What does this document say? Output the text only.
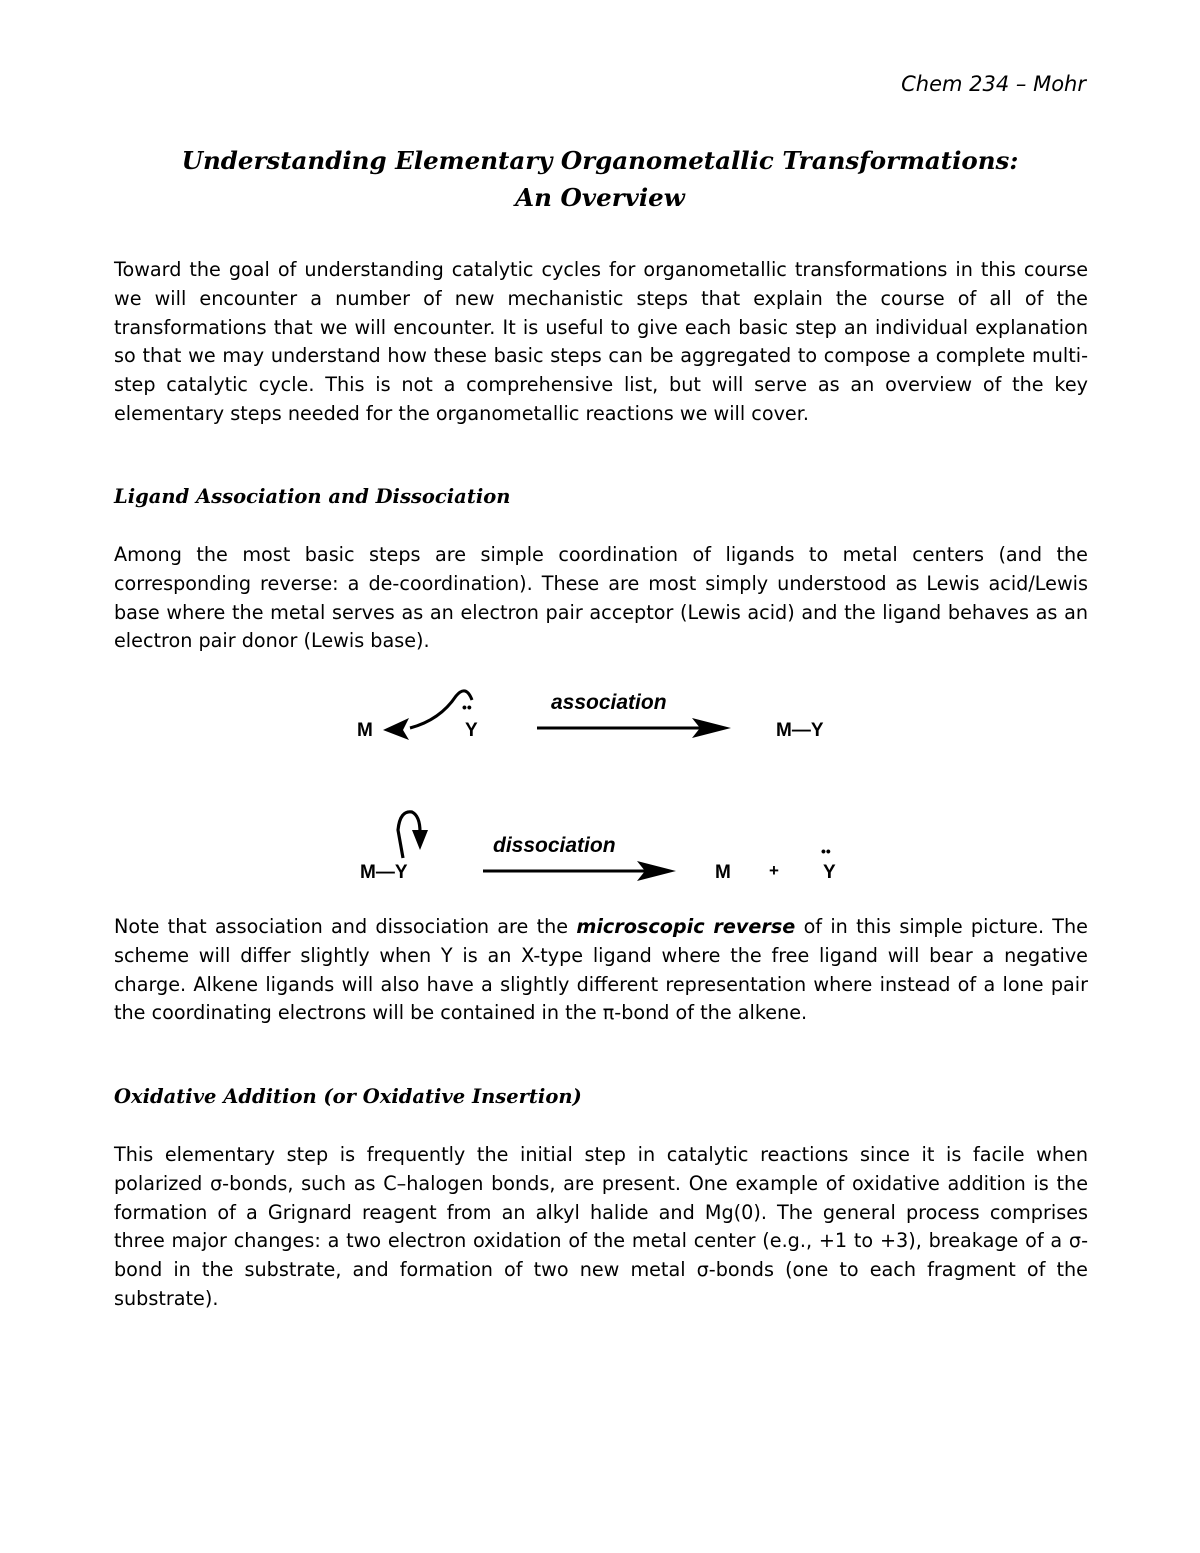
Chem 234 – Mohr
Understanding Elementary Organometallic Transformations:
An Overview

Toward the goal of understanding catalytic cycles for organometallic transformations in this course we will encounter a number of new mechanistic steps that explain the course of all of the transformations that we will encounter. It is useful to give each basic step an individual explanation so that we may understand how these basic steps can be aggregated to compose a complete multi-step catalytic cycle. This is not a comprehensive list, but will serve as an overview of the key elementary steps needed for the organometallic reactions we will cover.

Ligand Association and Dissociation

Among the most basic steps are simple coordination of ligands to metal centers (and the corresponding reverse: a de-coordination). These are most simply understood as Lewis acid/Lewis base where the metal serves as an electron pair acceptor (Lewis acid) and the ligand behaves as an electron pair donor (Lewis base).

M
••
Y
association
M—Y
M—Y
dissociation
M +
••
Y

Note that association and dissociation are the microscopic reverse of in this simple picture. The scheme will differ slightly when Y is an X-type ligand where the free ligand will bear a negative charge. Alkene ligands will also have a slightly different representation where instead of a lone pair the coordinating electrons will be contained in the π-bond of the alkene.

Oxidative Addition (or Oxidative Insertion)

This elementary step is frequently the initial step in catalytic reactions since it is facile when polarized σ-bonds, such as C–halogen bonds, are present. One example of oxidative addition is the formation of a Grignard reagent from an alkyl halide and Mg(0). The general process comprises three major changes: a two electron oxidation of the metal center (e.g., +1 to +3), breakage of a σ-bond in the substrate, and formation of two new metal σ-bonds (one to each fragment of the substrate).
